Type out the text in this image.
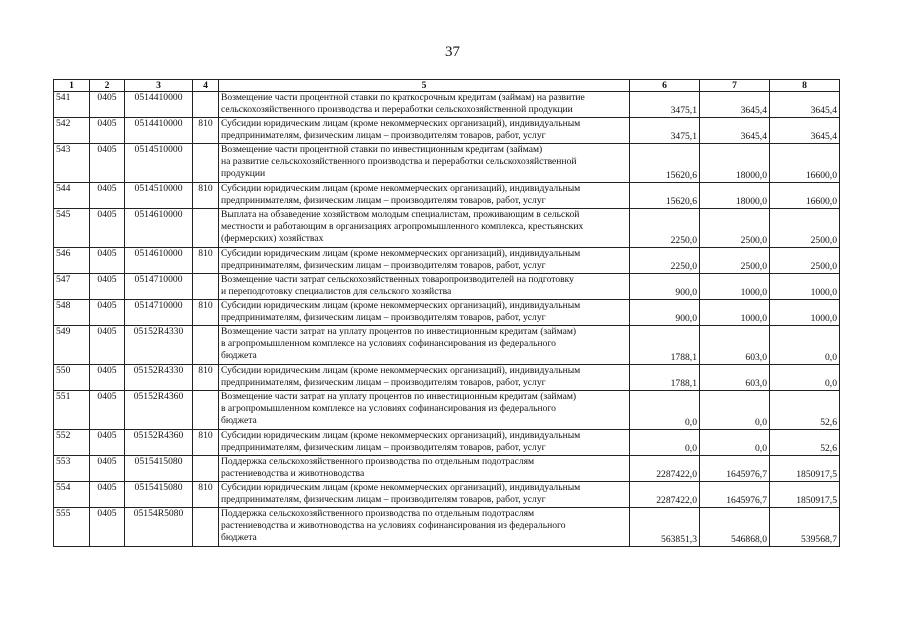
37
1	2	3	4	5	6	7	8
541	0405	0514410000		Возмещение части процентной ставки по краткосрочным кредитам (займам) на развитие
сельскохозяйственного производства и переработки сельскохозяйственной продукции	3475,1	3645,4	3645,4
542	0405	0514410000	810	Субсидии юридическим лицам (кроме некоммерческих организаций), индивидуальным
предпринимателям, физическим лицам – производителям товаров, работ, услуг	3475,1	3645,4	3645,4
543	0405	0514510000		Возмещение части процентной ставки по инвестиционным кредитам (займам)
на развитие сельскохозяйственного производства и переработки сельскохозяйственной
продукции	15620,6	18000,0	16600,0
544	0405	0514510000	810	Субсидии юридическим лицам (кроме некоммерческих организаций), индивидуальным
предпринимателям, физическим лицам – производителям товаров, работ, услуг	15620,6	18000,0	16600,0
545	0405	0514610000		Выплата на обзаведение хозяйством молодым специалистам, проживающим в сельской
местности и работающим в организациях агропромышленного комплекса, крестьянских
(фермерских) хозяйствах	2250,0	2500,0	2500,0
546	0405	0514610000	810	Субсидии юридическим лицам (кроме некоммерческих организаций), индивидуальным
предпринимателям, физическим лицам – производителям товаров, работ, услуг	2250,0	2500,0	2500,0
547	0405	0514710000		Возмещение части затрат сельскохозяйственных товаропроизводителей на подготовку
и переподготовку специалистов для сельского хозяйства	900,0	1000,0	1000,0
548	0405	0514710000	810	Субсидии юридическим лицам (кроме некоммерческих организаций), индивидуальным
предпринимателям, физическим лицам – производителям товаров, работ, услуг	900,0	1000,0	1000,0
549	0405	05152R4330		Возмещение части затрат на уплату процентов по инвестиционным кредитам (займам)
в агропромышленном комплексе на условиях софинансирования из федерального
бюджета	1788,1	603,0	0,0
550	0405	05152R4330	810	Субсидии юридическим лицам (кроме некоммерческих организаций), индивидуальным
предпринимателям, физическим лицам – производителям товаров, работ, услуг	1788,1	603,0	0,0
551	0405	05152R4360		Возмещение части затрат на уплату процентов по инвестиционным кредитам (займам)
в агропромышленном комплексе на условиях софинансирования из федерального
бюджета	0,0	0,0	52,6
552	0405	05152R4360	810	Субсидии юридическим лицам (кроме некоммерческих организаций), индивидуальным
предпринимателям, физическим лицам – производителям товаров, работ, услуг	0,0	0,0	52,6
553	0405	0515415080		Поддержка сельскохозяйственного производства по отдельным подотраслям
растениеводства и животноводства	2287422,0	1645976,7	1850917,5
554	0405	0515415080	810	Субсидии юридическим лицам (кроме некоммерческих организаций), индивидуальным
предпринимателям, физическим лицам – производителям товаров, работ, услуг	2287422,0	1645976,7	1850917,5
555	0405	05154R5080		Поддержка сельскохозяйственного производства по отдельным подотраслям
растениеводства и животноводства на условиях софинансирования из федерального
бюджета	563851,3	546868,0	539568,7
